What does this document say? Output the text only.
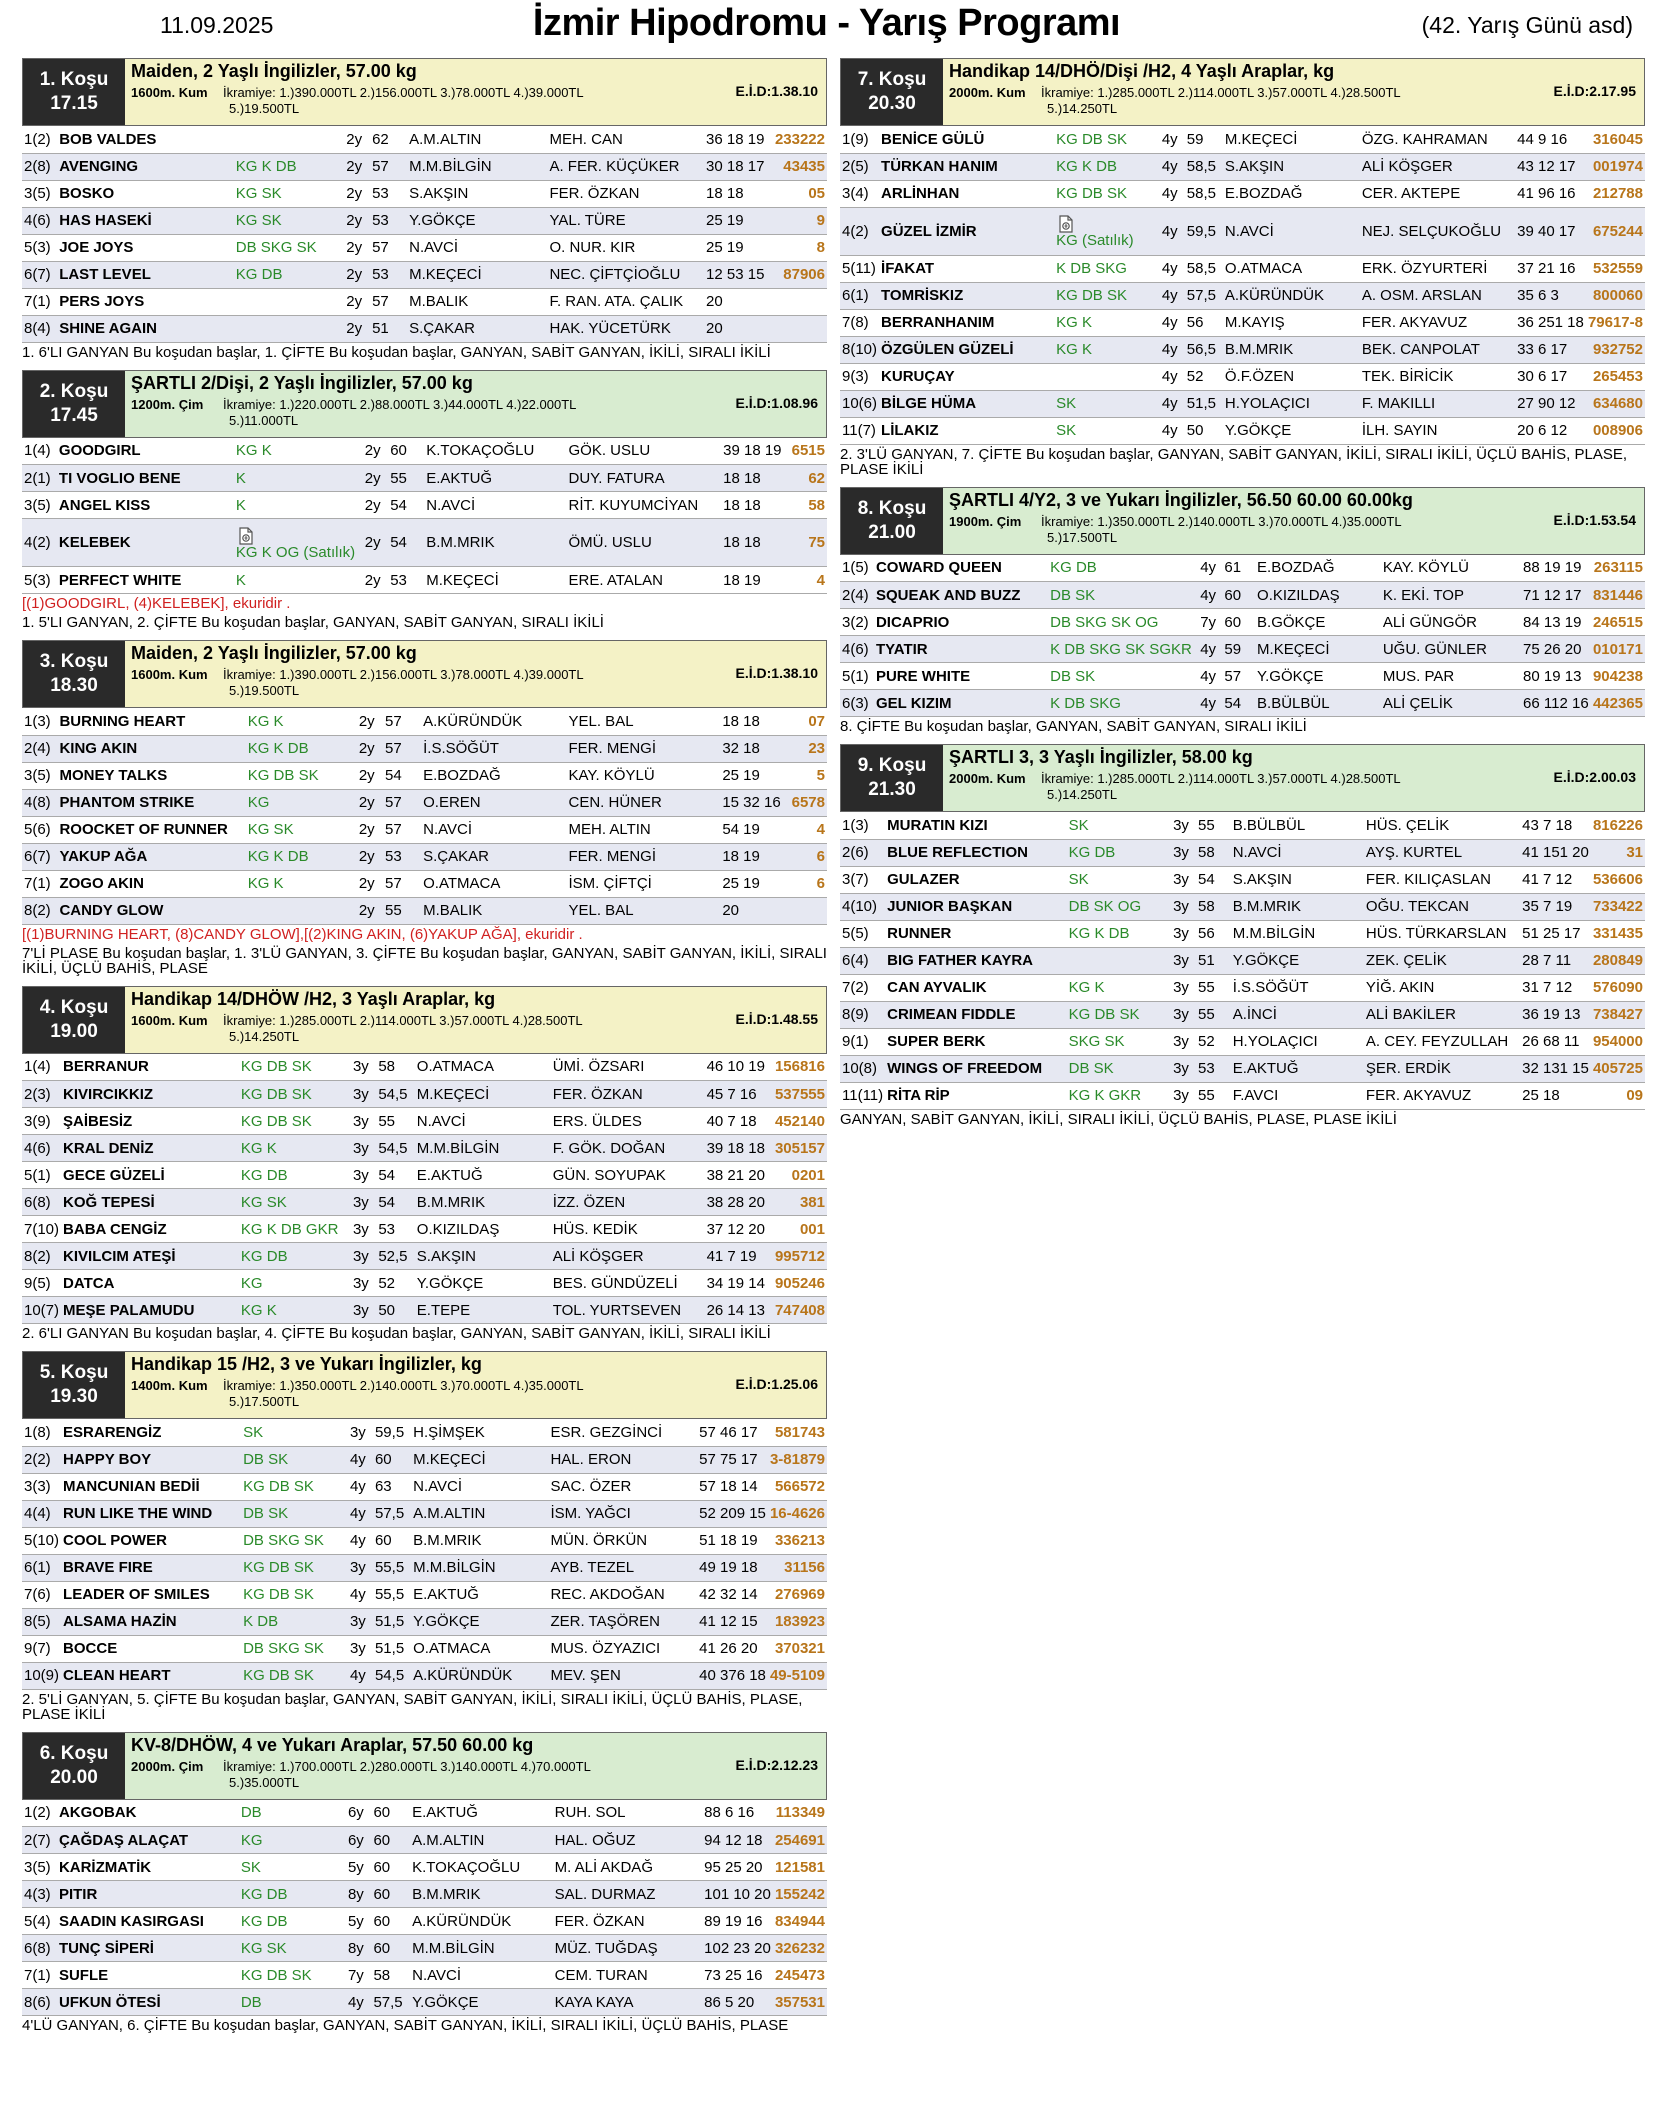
11.09.2025	İzmir Hipodromu - Yarış Programı	(42. Yarış Günü asd)
1. Koşu
17.15
Maiden, 2 Yaşlı İngilizler, 57.00 kg
1600m. Kum	İkramiye: 1.)390.000TL 2.)156.000TL 3.)78.000TL 4.)39.000TL
5.)19.500TL
E.İ.D:1.38.10
1(2)	BOB VALDES		2y	62	A.M.ALTIN	MEH. CAN	36 18 19	233222
2(8)	AVENGING	KG K DB	2y	57	M.M.BİLGİN	A. FER. KÜÇÜKER	30 18 17	43435
3(5)	BOSKO	KG SK	2y	53	S.AKŞIN	FER. ÖZKAN	18 18	05
4(6)	HAS HASEKİ	KG SK	2y	53	Y.GÖKÇE	YAL. TÜRE	25 19	9
5(3)	JOE JOYS	DB SKG SK	2y	57	N.AVCİ	O. NUR. KIR	25 19	8
6(7)	LAST LEVEL	KG DB	2y	53	M.KEÇECİ	NEC. ÇİFTÇİOĞLU	12 53 15	87906
7(1)	PERS JOYS		2y	57	M.BALIK	F. RAN. ATA. ÇALIK	20	
8(4)	SHINE AGAIN		2y	51	S.ÇAKAR	HAK. YÜCETÜRK	20	
1. 6'LI GANYAN Bu koşudan başlar, 1. ÇİFTE Bu koşudan başlar, GANYAN, SABİT GANYAN, İKİLİ, SIRALI İKİLİ
2. Koşu
17.45
ŞARTLI 2/Dişi, 2 Yaşlı İngilizler, 57.00 kg
1200m. Çim	İkramiye: 1.)220.000TL 2.)88.000TL 3.)44.000TL 4.)22.000TL
5.)11.000TL
E.İ.D:1.08.96
1(4)	GOODGIRL	KG K	2y	60	K.TOKAÇOĞLU	GÖK. USLU	39 18 19	6515
2(1)	TI VOGLIO BENE	K	2y	55	E.AKTUĞ	DUY. FATURA	18 18	62
3(5)	ANGEL KISS	K	2y	54	N.AVCİ	RİT. KUYUMCİYAN	18 18	58
4(2)	KELEBEK	KG K OG (Satılık)	2y	54	B.M.MRIK	ÖMÜ. USLU	18 18	75
5(3)	PERFECT WHITE	K	2y	53	M.KEÇECİ	ERE. ATALAN	18 19	4
[(1)GOODGIRL, (4)KELEBEK], ekuridir .
1. 5'LI GANYAN, 2. ÇİFTE Bu koşudan başlar, GANYAN, SABİT GANYAN, SIRALI İKİLİ
3. Koşu
18.30
Maiden, 2 Yaşlı İngilizler, 57.00 kg
1600m. Kum	İkramiye: 1.)390.000TL 2.)156.000TL 3.)78.000TL 4.)39.000TL
5.)19.500TL
E.İ.D:1.38.10
1(3)	BURNING HEART	KG K	2y	57	A.KÜRÜNDÜK	YEL. BAL	18 18	07
2(4)	KING AKIN	KG K DB	2y	57	İ.S.SÖĞÜT	FER. MENGİ	32 18	23
3(5)	MONEY TALKS	KG DB SK	2y	54	E.BOZDAĞ	KAY. KÖYLÜ	25 19	5
4(8)	PHANTOM STRIKE	KG	2y	57	O.EREN	CEN. HÜNER	15 32 16	6578
5(6)	ROOCKET OF RUNNER	KG SK	2y	57	N.AVCİ	MEH. ALTIN	54 19	4
6(7)	YAKUP AĞA	KG K DB	2y	53	S.ÇAKAR	FER. MENGİ	18 19	6
7(1)	ZOGO AKIN	KG K	2y	57	O.ATMACA	İSM. ÇİFTÇİ	25 19	6
8(2)	CANDY GLOW		2y	55	M.BALIK	YEL. BAL	20	
[(1)BURNING HEART, (8)CANDY GLOW],[(2)KING AKIN, (6)YAKUP AĞA], ekuridir .
7'Lİ PLASE Bu koşudan başlar, 1. 3'LÜ GANYAN, 3. ÇİFTE Bu koşudan başlar, GANYAN, SABİT GANYAN, İKİLİ, SIRALI İKİLİ, ÜÇLÜ BAHİS, PLASE
4. Koşu
19.00
Handikap 14/DHÖW /H2, 3 Yaşlı Araplar, kg
1600m. Kum	İkramiye: 1.)285.000TL 2.)114.000TL 3.)57.000TL 4.)28.500TL
5.)14.250TL
E.İ.D:1.48.55
1(4)	BERRANUR	KG DB SK	3y	58	O.ATMACA	ÜMİ. ÖZSARI	46 10 19	156816
2(3)	KIVIRCIKKIZ	KG DB SK	3y	54,5	M.KEÇECİ	FER. ÖZKAN	45 7 16	537555
3(9)	ŞAİBESİZ	KG DB SK	3y	55	N.AVCİ	ERS. ÜLDES	40 7 18	452140
4(6)	KRAL DENİZ	KG K	3y	54,5	M.M.BİLGİN	F. GÖK. DOĞAN	39 18 18	305157
5(1)	GECE GÜZELİ	KG DB	3y	54	E.AKTUĞ	GÜN. SOYUPAK	38 21 20	0201
6(8)	KOĞ TEPESİ	KG SK	3y	54	B.M.MRIK	İZZ. ÖZEN	38 28 20	381
7(10)	BABA CENGİZ	KG K DB GKR	3y	53	O.KIZILDAŞ	HÜS. KEDİK	37 12 20	001
8(2)	KIVILCIM ATEŞİ	KG DB	3y	52,5	S.AKŞIN	ALİ KÖŞGER	41 7 19	995712
9(5)	DATCA	KG	3y	52	Y.GÖKÇE	BES. GÜNDÜZELİ	34 19 14	905246
10(7)	MEŞE PALAMUDU	KG K	3y	50	E.TEPE	TOL. YURTSEVEN	26 14 13	747408
2. 6'LI GANYAN Bu koşudan başlar, 4. ÇİFTE Bu koşudan başlar, GANYAN, SABİT GANYAN, İKİLİ, SIRALI İKİLİ
5. Koşu
19.30
Handikap 15 /H2, 3 ve Yukarı İngilizler, kg
1400m. Kum	İkramiye: 1.)350.000TL 2.)140.000TL 3.)70.000TL 4.)35.000TL
5.)17.500TL
E.İ.D:1.25.06
1(8)	ESRARENGİZ	SK	3y	59,5	H.ŞİMŞEK	ESR. GEZGİNCİ	57 46 17	581743
2(2)	HAPPY BOY	DB SK	4y	60	M.KEÇECİ	HAL. ERON	57 75 17	3-81879
3(3)	MANCUNIAN BEDİİ	KG DB SK	4y	63	N.AVCİ	SAC. ÖZER	57 18 14	566572
4(4)	RUN LIKE THE WIND	DB SK	4y	57,5	A.M.ALTIN	İSM. YAĞCI	52 209 15	16-4626
5(10)	COOL POWER	DB SKG SK	4y	60	B.M.MRIK	MÜN. ÖRKÜN	51 18 19	336213
6(1)	BRAVE FIRE	KG DB SK	3y	55,5	M.M.BİLGİN	AYB. TEZEL	49 19 18	31156
7(6)	LEADER OF SMILES	KG DB SK	4y	55,5	E.AKTUĞ	REC. AKDOĞAN	42 32 14	276969
8(5)	ALSAMA HAZİN	K DB	3y	51,5	Y.GÖKÇE	ZER. TAŞÖREN	41 12 15	183923
9(7)	BOCCE	DB SKG SK	3y	51,5	O.ATMACA	MUS. ÖZYAZICI	41 26 20	370321
10(9)	CLEAN HEART	KG DB SK	4y	54,5	A.KÜRÜNDÜK	MEV. ŞEN	40 376 18	49-5109
2. 5'Lİ GANYAN, 5. ÇİFTE Bu koşudan başlar, GANYAN, SABİT GANYAN, İKİLİ, SIRALI İKİLİ, ÜÇLÜ BAHİS, PLASE, PLASE İKİLİ
6. Koşu
20.00
KV-8/DHÖW, 4 ve Yukarı Araplar, 57.50 60.00 kg
2000m. Çim	İkramiye: 1.)700.000TL 2.)280.000TL 3.)140.000TL 4.)70.000TL
5.)35.000TL
E.İ.D:2.12.23
1(2)	AKGOBAK	DB	6y	60	E.AKTUĞ	RUH. SOL	88 6 16	113349
2(7)	ÇAĞDAŞ ALAÇAT	KG	6y	60	A.M.ALTIN	HAL. OĞUZ	94 12 18	254691
3(5)	KARİZMATİK	SK	5y	60	K.TOKAÇOĞLU	M. ALİ AKDAĞ	95 25 20	121581
4(3)	PITIR	KG DB	8y	60	B.M.MRIK	SAL. DURMAZ	101 10 20	155242
5(4)	SAADIN KASIRGASI	KG DB	5y	60	A.KÜRÜNDÜK	FER. ÖZKAN	89 19 16	834944
6(8)	TUNÇ SİPERİ	KG SK	8y	60	M.M.BİLGİN	MÜZ. TUĞDAŞ	102 23 20	326232
7(1)	SUFLE	KG DB SK	7y	58	N.AVCİ	CEM. TURAN	73 25 16	245473
8(6)	UFKUN ÖTESİ	DB	4y	57,5	Y.GÖKÇE	KAYA KAYA	86 5 20	357531
4'LÜ GANYAN, 6. ÇİFTE Bu koşudan başlar, GANYAN, SABİT GANYAN, İKİLİ, SIRALI İKİLİ, ÜÇLÜ BAHİS, PLASE
7. Koşu
20.30
Handikap 14/DHÖ/Dişi /H2, 4 Yaşlı Araplar, kg
2000m. Kum	İkramiye: 1.)285.000TL 2.)114.000TL 3.)57.000TL 4.)28.500TL
5.)14.250TL
E.İ.D:2.17.95
1(9)	BENİCE GÜLÜ	KG DB SK	4y	59	M.KEÇECİ	ÖZG. KAHRAMAN	44 9 16	316045
2(5)	TÜRKAN HANIM	KG K DB	4y	58,5	S.AKŞIN	ALİ KÖŞGER	43 12 17	001974
3(4)	ARLİNHAN	KG DB SK	4y	58,5	E.BOZDAĞ	CER. AKTEPE	41 96 16	212788
4(2)	GÜZEL İZMİR	KG (Satılık)	4y	59,5	N.AVCİ	NEJ. SELÇUKOĞLU	39 40 17	675244
5(11)	İFAKAT	K DB SKG	4y	58,5	O.ATMACA	ERK. ÖZYURTERİ	37 21 16	532559
6(1)	TOMRİSKIZ	KG DB SK	4y	57,5	A.KÜRÜNDÜK	A. OSM. ARSLAN	35 6 3	800060
7(8)	BERRANHANIM	KG K	4y	56	M.KAYIŞ	FER. AKYAVUZ	36 251 18	79617-8
8(10)	ÖZGÜLEN GÜZELİ	KG K	4y	56,5	B.M.MRIK	BEK. CANPOLAT	33 6 17	932752
9(3)	KURUÇAY		4y	52	Ö.F.ÖZEN	TEK. BİRİCİK	30 6 17	265453
10(6)	BİLGE HÜMA	SK	4y	51,5	H.YOLAÇICI	F. MAKILLI	27 90 12	634680
11(7)	LİLAKIZ	SK	4y	50	Y.GÖKÇE	İLH. SAYIN	20 6 12	008906
2. 3'LÜ GANYAN, 7. ÇİFTE Bu koşudan başlar, GANYAN, SABİT GANYAN, İKİLİ, SIRALI İKİLİ, ÜÇLÜ BAHİS, PLASE, PLASE İKİLİ
8. Koşu
21.00
ŞARTLI 4/Y2, 3 ve Yukarı İngilizler, 56.50 60.00 60.00kg
1900m. Çim	İkramiye: 1.)350.000TL 2.)140.000TL 3.)70.000TL 4.)35.000TL
5.)17.500TL
E.İ.D:1.53.54
1(5)	COWARD QUEEN	KG DB	4y	61	E.BOZDAĞ	KAY. KÖYLÜ	88 19 19	263115
2(4)	SQUEAK AND BUZZ	DB SK	4y	60	O.KIZILDAŞ	K. EKİ. TOP	71 12 17	831446
3(2)	DICAPRIO	DB SKG SK OG	7y	60	B.GÖKÇE	ALİ GÜNGÖR	84 13 19	246515
4(6)	TYATIR	K DB SKG SK SGKR	4y	59	M.KEÇECİ	UĞU. GÜNLER	75 26 20	010171
5(1)	PURE WHITE	DB SK	4y	57	Y.GÖKÇE	MUS. PAR	80 19 13	904238
6(3)	GEL KIZIM	K DB SKG	4y	54	B.BÜLBÜL	ALİ ÇELİK	66 112 16	442365
8. ÇİFTE Bu koşudan başlar, GANYAN, SABİT GANYAN, SIRALI İKİLİ
9. Koşu
21.30
ŞARTLI 3, 3 Yaşlı İngilizler, 58.00 kg
2000m. Kum	İkramiye: 1.)285.000TL 2.)114.000TL 3.)57.000TL 4.)28.500TL
5.)14.250TL
E.İ.D:2.00.03
1(3)	MURATIN KIZI	SK	3y	55	B.BÜLBÜL	HÜS. ÇELİK	43 7 18	816226
2(6)	BLUE REFLECTION	KG DB	3y	58	N.AVCİ	AYŞ. KURTEL	41 151 20	31
3(7)	GULAZER	SK	3y	54	S.AKŞIN	FER. KILIÇASLAN	41 7 12	536606
4(10)	JUNIOR BAŞKAN	DB SK OG	3y	58	B.M.MRIK	OĞU. TEKCAN	35 7 19	733422
5(5)	RUNNER	KG K DB	3y	56	M.M.BİLGİN	HÜS. TÜRKARSLAN	51 25 17	331435
6(4)	BIG FATHER KAYRA		3y	51	Y.GÖKÇE	ZEK. ÇELİK	28 7 11	280849
7(2)	CAN AYVALIK	KG K	3y	55	İ.S.SÖĞÜT	YİĞ. AKIN	31 7 12	576090
8(9)	CRIMEAN FIDDLE	KG DB SK	3y	55	A.İNCİ	ALİ BAKİLER	36 19 13	738427
9(1)	SUPER BERK	SKG SK	3y	52	H.YOLAÇICI	A. CEY. FEYZULLAH	26 68 11	954000
10(8)	WINGS OF FREEDOM	DB SK	3y	53	E.AKTUĞ	ŞER. ERDİK	32 131 15	405725
11(11)	RİTA RİP	KG K GKR	3y	55	F.AVCI	FER. AKYAVUZ	25 18	09
GANYAN, SABİT GANYAN, İKİLİ, SIRALI İKİLİ, ÜÇLÜ BAHİS, PLASE, PLASE İKİLİ
